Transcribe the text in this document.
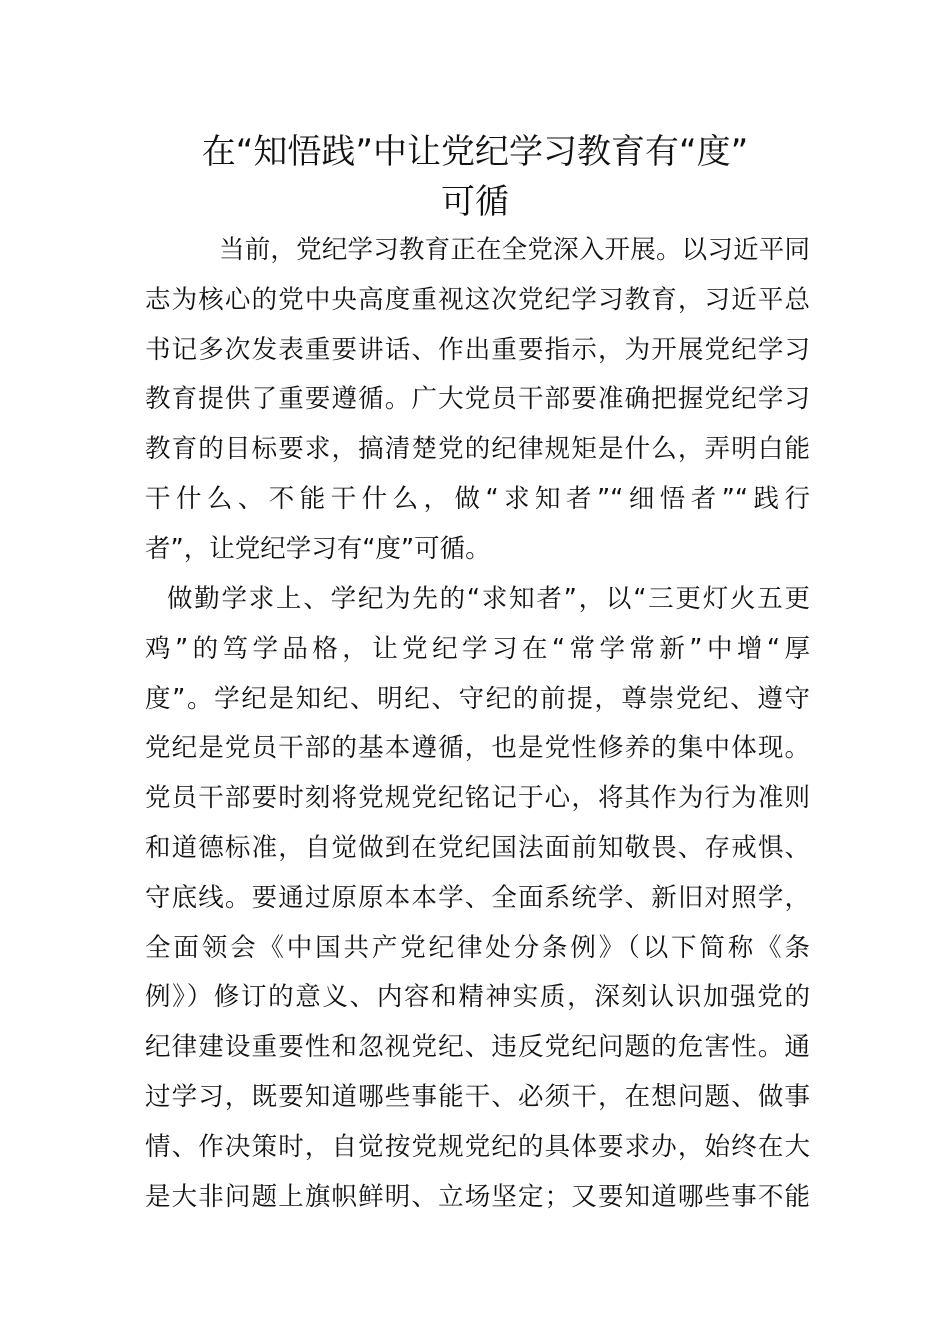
在“知悟践”中让党纪学习教育有“度”
可循
当前，党纪学习教育正在全党深入开展。以习近平同
志为核心的党中央高度重视这次党纪学习教育，习近平总
书记多次发表重要讲话、作出重要指示，为开展党纪学习
教育提供了重要遵循。广大党员干部要准确把握党纪学习
教育的目标要求，搞清楚党的纪律规矩是什么，弄明白能
干什么、不能干什么，做“求知者”“细悟者”“践行
者”，让党纪学习有“度”可循。
做勤学求上、学纪为先的“求知者”，以“三更灯火五更
鸡”的笃学品格，让党纪学习在“常学常新”中增“厚
度”。学纪是知纪、明纪、守纪的前提，尊崇党纪、遵守
党纪是党员干部的基本遵循，也是党性修养的集中体现。
党员干部要时刻将党规党纪铭记于心，将其作为行为准则
和道德标准，自觉做到在党纪国法面前知敬畏、存戒惧、
守底线。要通过原原本本学、全面系统学、新旧对照学，
全面领会《中国共产党纪律处分条例》（以下简称《条
例》）修订的意义、内容和精神实质，深刻认识加强党的
纪律建设重要性和忽视党纪、违反党纪问题的危害性。通
过学习，既要知道哪些事能干、必须干，在想问题、做事
情、作决策时，自觉按党规党纪的具体要求办，始终在大
是大非问题上旗帜鲜明、立场坚定；又要知道哪些事不能
